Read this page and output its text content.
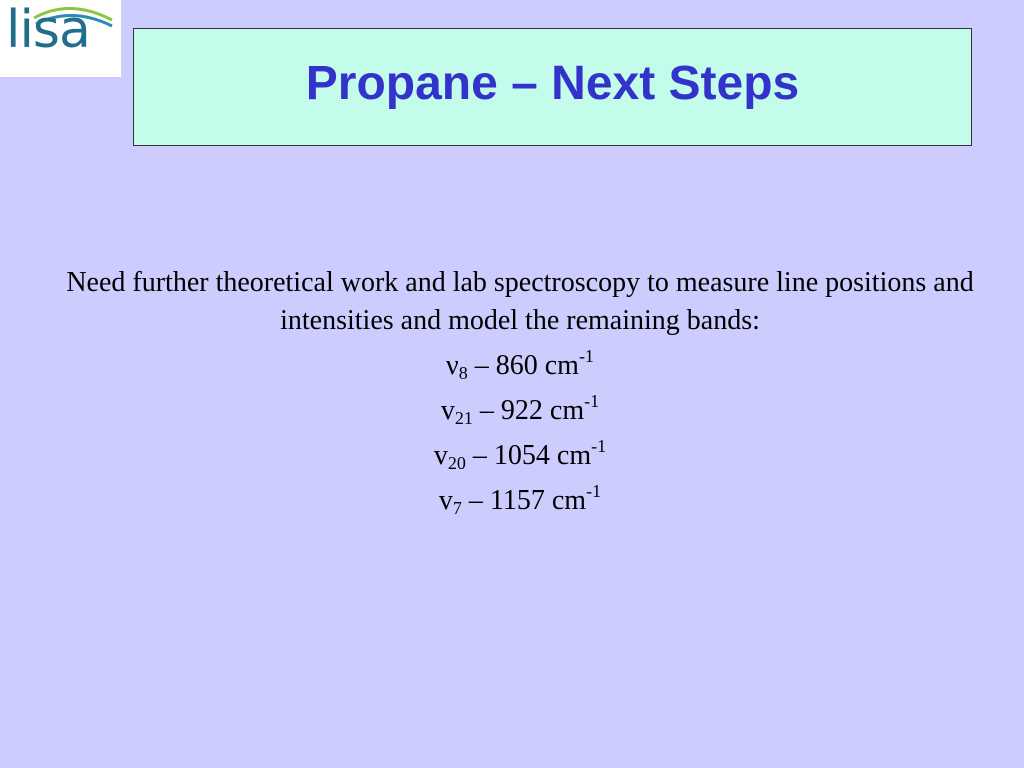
lisa
Propane – Next Steps

Need further theoretical work and lab spectroscopy to measure line positions and intensities and model the remaining bands:

$\nu_8 - 860$ $cm^{-1}$

$v_{21} - 922$ $cm^{-1}$

$v_{20} - 1054$ $cm^{-1}$

$v_7 - 1157$ $cm^{-1}$
